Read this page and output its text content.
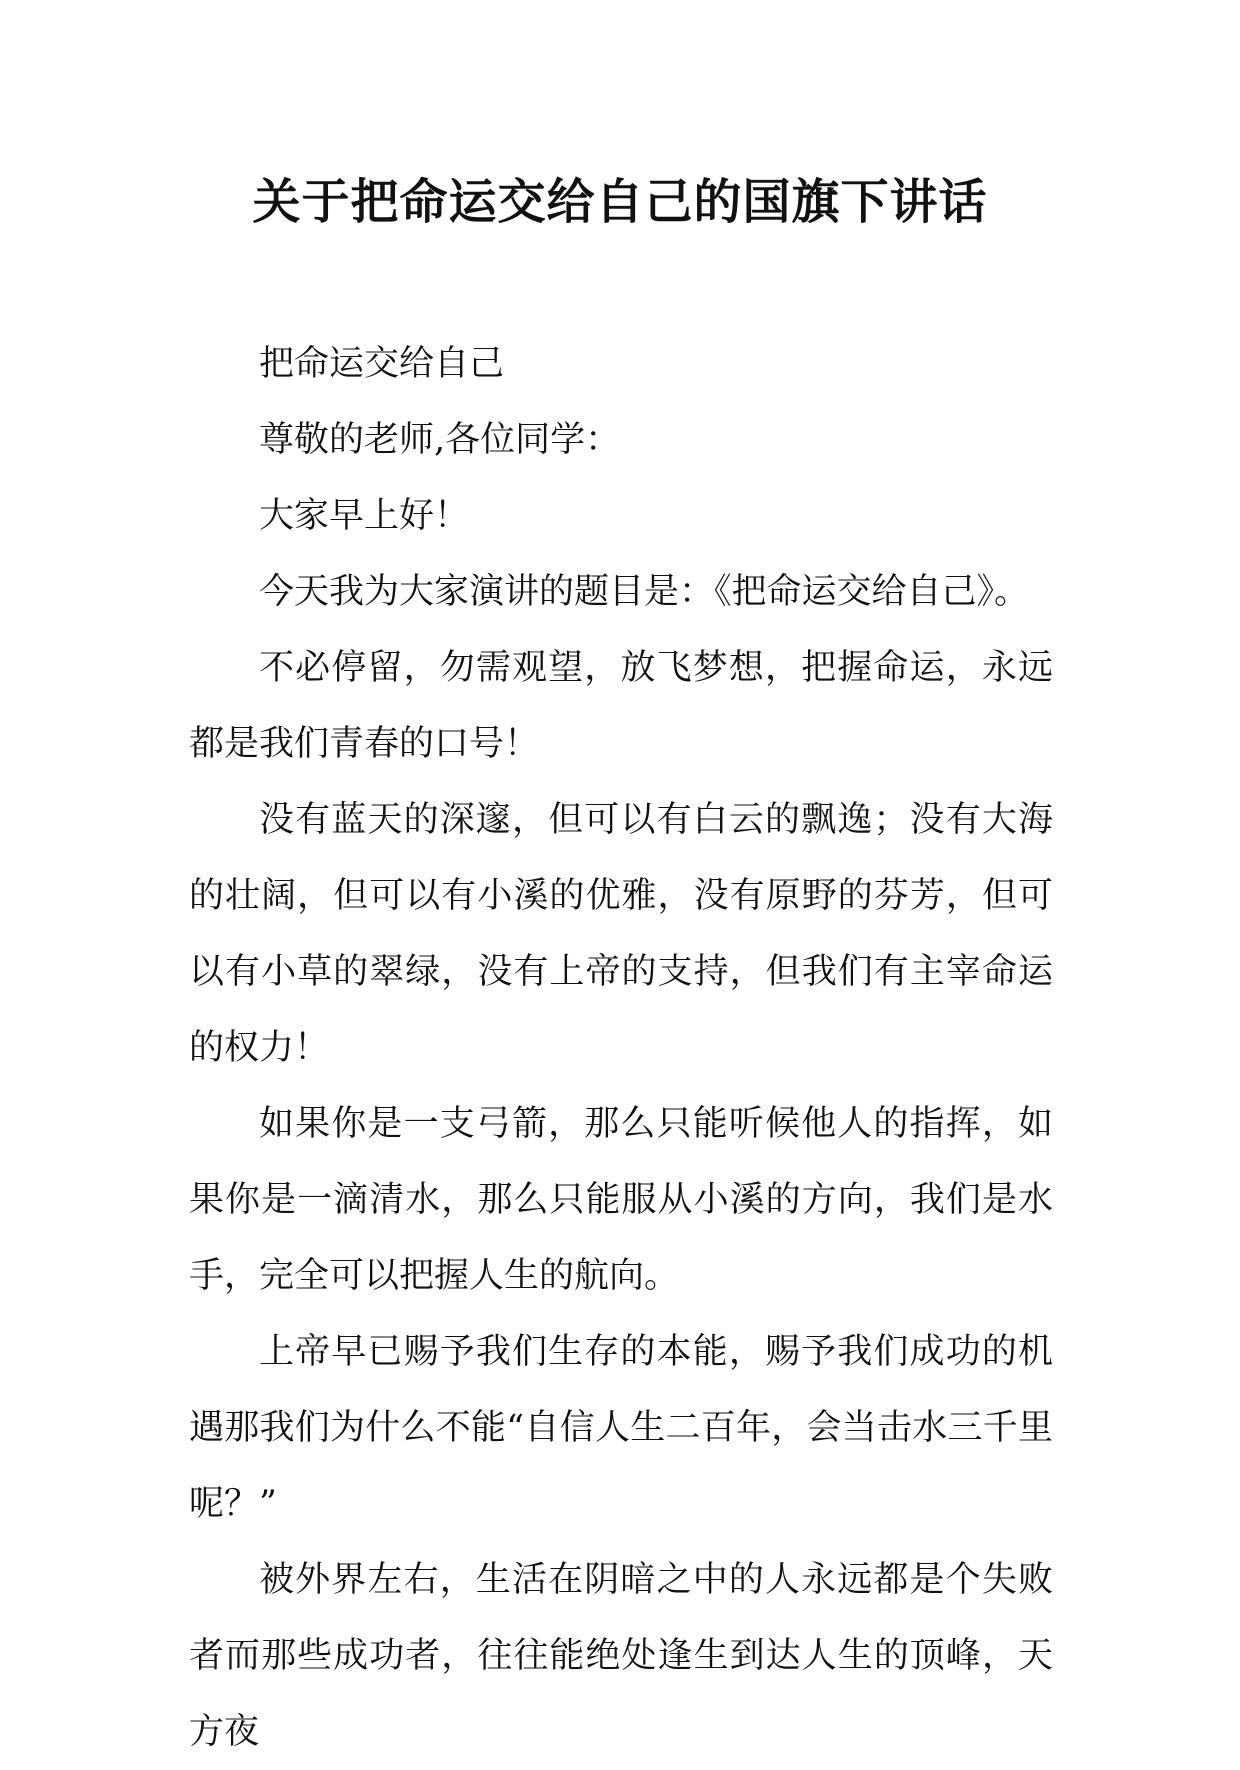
关于把命运交给自己的国旗下讲话

把命运交给自己

尊敬的老师,各位同学：

大家早上好！

今天我为大家演讲的题目是：《把命运交给自己》。

不必停留，勿需观望，放飞梦想，把握命运，永远都是我们青春的口号！

没有蓝天的深邃，但可以有白云的飘逸；没有大海的壮阔，但可以有小溪的优雅，没有原野的芬芳，但可以有小草的翠绿，没有上帝的支持，但我们有主宰命运的权力！

如果你是一支弓箭，那么只能听候他人的指挥，如果你是一滴清水，那么只能服从小溪的方向，我们是水手，完全可以把握人生的航向。

上帝早已赐予我们生存的本能，赐予我们成功的机遇那我们为什么不能“自信人生二百年，会当击水三千里呢？”

被外界左右，生活在阴暗之中的人永远都是个失败者而那些成功者，往往能绝处逢生到达人生的顶峰，天方夜
